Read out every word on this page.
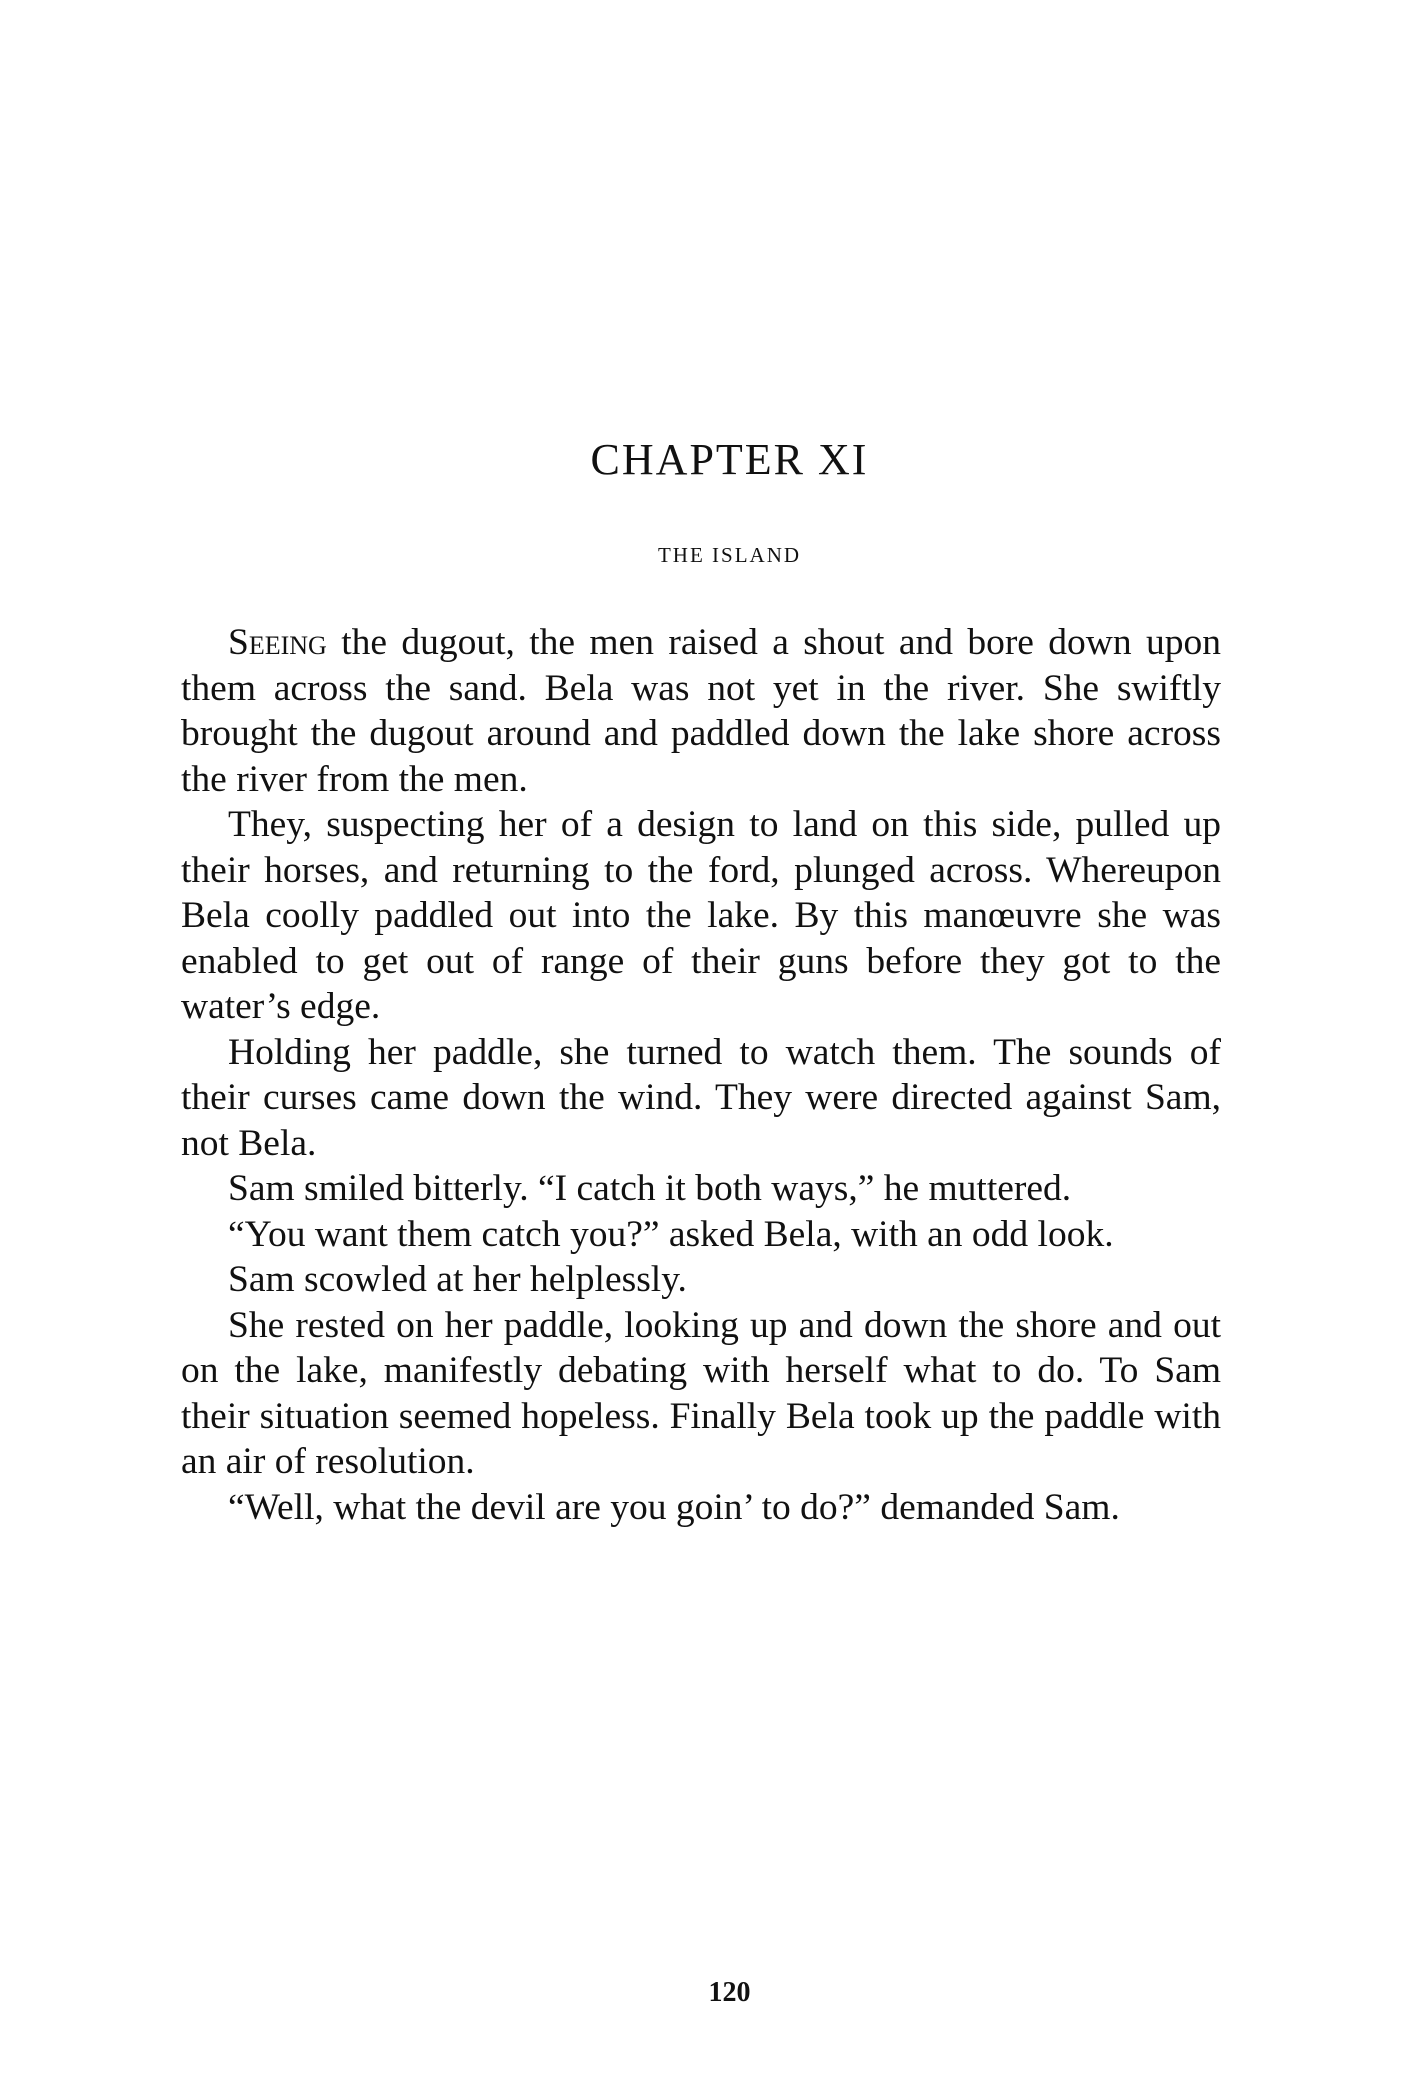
CHAPTER XI
THE ISLAND

Seeing the dugout, the men raised a shout and bore down upon them across the sand. Bela was not yet in the river. She swiftly brought the dugout around and paddled down the lake shore across the river from the men.

They, suspecting her of a design to land on this side, pulled up their horses, and returning to the ford, plunged across. Whereupon Bela coolly paddled out into the lake. By this manœuvre she was enabled to get out of range of their guns before they got to the water’s edge.

Holding her paddle, she turned to watch them. The sounds of their curses came down the wind. They were directed against Sam, not Bela.

Sam smiled bitterly. “I catch it both ways,” he muttered.

“You want them catch you?” asked Bela, with an odd look.

Sam scowled at her helplessly.

She rested on her paddle, looking up and down the shore and out on the lake, manifestly debating with herself what to do. To Sam their situation seemed hopeless. Finally Bela took up the paddle with an air of resolution.

“Well, what the devil are you goin’ to do?” demanded Sam.

120
